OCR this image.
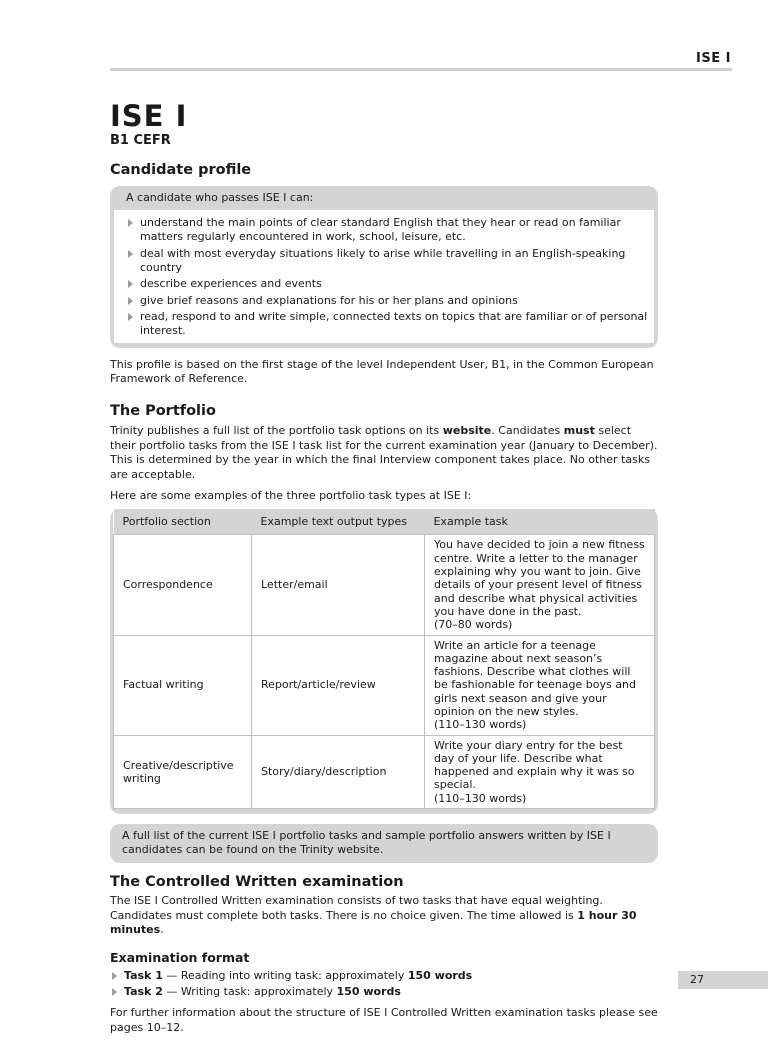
ISE I
ISE I
B1 CEFR
Candidate profile
A candidate who passes ISE I can:
understand the main points of clear standard English that they hear or read on familiar matters regularly encountered in work, school, leisure, etc.
deal with most everyday situations likely to arise while travelling in an English-speaking country
describe experiences and events
give brief reasons and explanations for his or her plans and opinions
read, respond to and write simple, connected texts on topics that are familiar or of personal interest.

This profile is based on the first stage of the level Independent User, B1, in the Common European Framework of Reference.

The Portfolio

Trinity publishes a full list of the portfolio task options on its website. Candidates must select their portfolio tasks from the ISE I task list for the current examination year (January to December). This is determined by the year in which the final Interview component takes place. No other tasks are acceptable.

Here are some examples of the three portfolio task types at ISE I:

Portfolio section	Example text output types	Example task
Correspondence	Letter/email	You have decided to join a new fitness centre. Write a letter to the manager explaining why you want to join. Give details of your present level of fitness and describe what physical activities you have done in the past.
(70–80 words)
Factual writing	Report/article/review	Write an article for a teenage magazine about next season’s fashions. Describe what clothes will be fashionable for teenage boys and girls next season and give your opinion on the new styles.
(110–130 words)
Creative/descriptive writing	Story/diary/description	Write your diary entry for the best day of your life. Describe what happened and explain why it was so special.
(110–130 words)
A full list of the current ISE I portfolio tasks and sample portfolio answers written by ISE I candidates can be found on the Trinity website.
The Controlled Written examination

The ISE I Controlled Written examination consists of two tasks that have equal weighting. Candidates must complete both tasks. There is no choice given. The time allowed is 1 hour 30 minutes.

Examination format
Task 1 — Reading into writing task: approximately 150 words
Task 2 — Writing task: approximately 150 words

For further information about the structure of ISE I Controlled Written examination tasks please see pages 10–12.

27
